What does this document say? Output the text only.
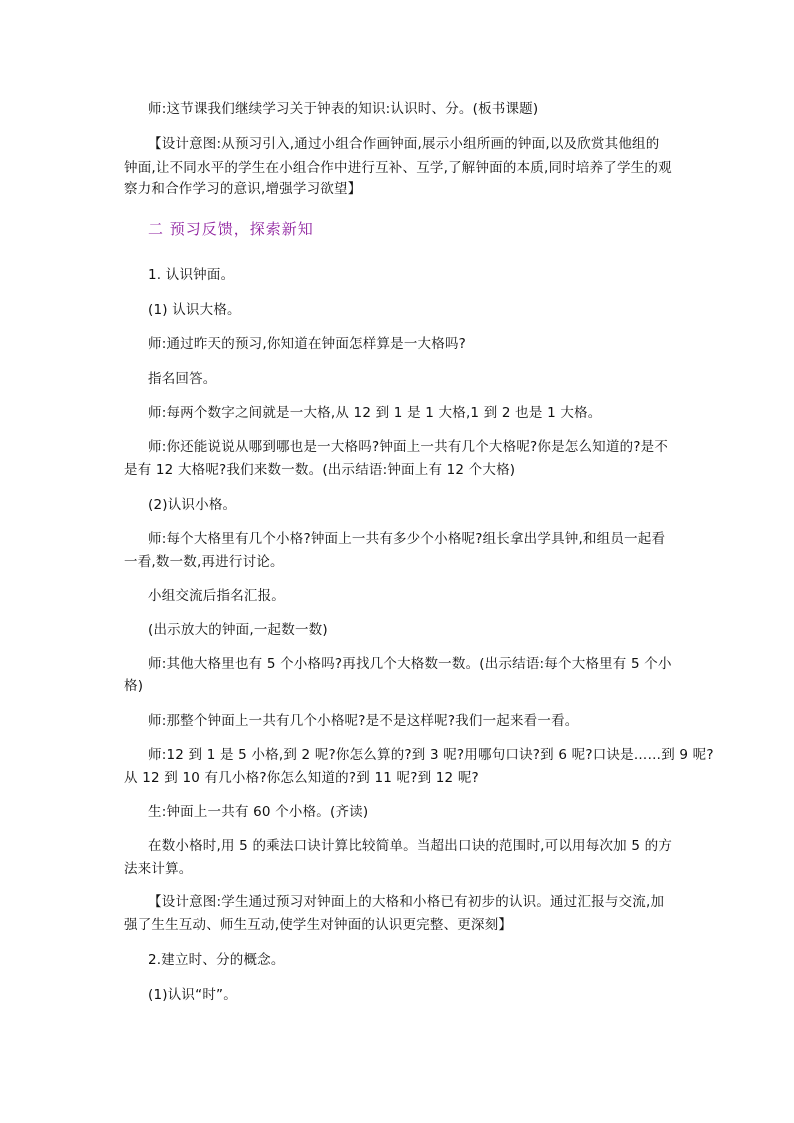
师:这节课我们继续学习关于钟表的知识:认识时、分。(板书课题)
【设计意图:从预习引入,通过小组合作画钟面,展示小组所画的钟面,以及欣赏其他组的
钟面,让不同水平的学生在小组合作中进行互补、互学,了解钟面的本质,同时培养了学生的观
察力和合作学习的意识,增强学习欲望】
二 预习反馈，探索新知
1. 认识钟面。
(1) 认识大格。
师:通过昨天的预习,你知道在钟面怎样算是一大格吗?
指名回答。
师:每两个数字之间就是一大格,从 12 到 1 是 1 大格,1 到 2 也是 1 大格。
师:你还能说说从哪到哪也是一大格吗?钟面上一共有几个大格呢?你是怎么知道的?是不
是有 12 大格呢?我们来数一数。(出示结语:钟面上有 12 个大格)
(2)认识小格。
师:每个大格里有几个小格?钟面上一共有多少个小格呢?组长拿出学具钟,和组员一起看
一看,数一数,再进行讨论。
小组交流后指名汇报。
(出示放大的钟面,一起数一数)
师:其他大格里也有 5 个小格吗?再找几个大格数一数。(出示结语:每个大格里有 5 个小
格)
师:那整个钟面上一共有几个小格呢?是不是这样呢?我们一起来看一看。
师:12 到 1 是 5 小格,到 2 呢?你怎么算的?到 3 呢?用哪句口诀?到 6 呢?口诀是……到 9 呢?
从 12 到 10 有几小格?你怎么知道的?到 11 呢?到 12 呢?
生:钟面上一共有 60 个小格。(齐读)
在数小格时,用 5 的乘法口诀计算比较简单。当超出口诀的范围时,可以用每次加 5 的方
法来计算。
【设计意图:学生通过预习对钟面上的大格和小格已有初步的认识。通过汇报与交流,加
强了生生互动、师生互动,使学生对钟面的认识更完整、更深刻】
2.建立时、分的概念。
(1)认识“时”。
